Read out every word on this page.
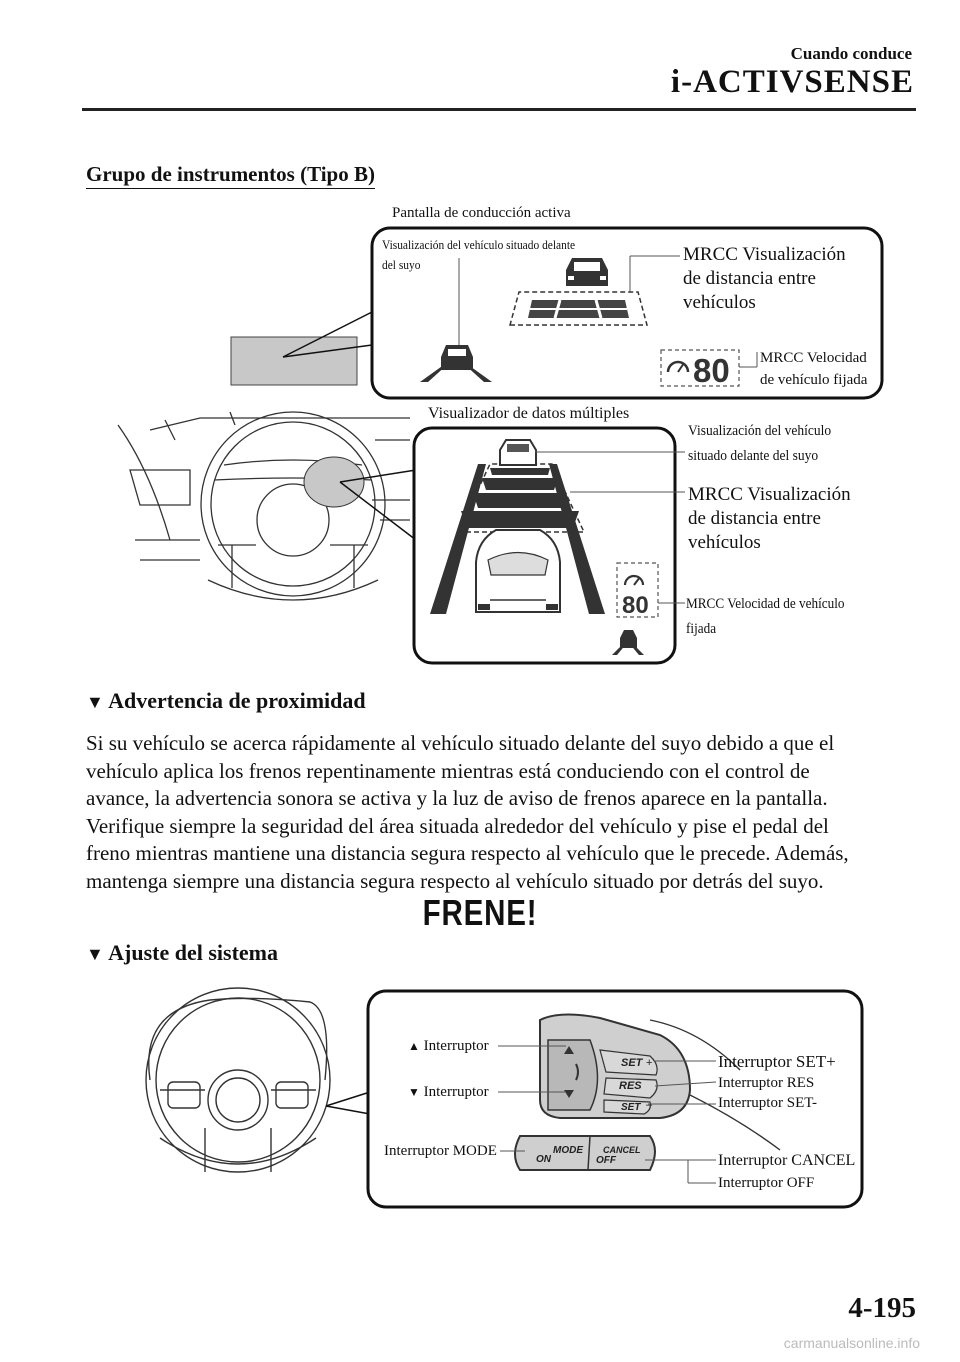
Cuando conduce
i-ACTIVSENSE
Grupo de instrumentos (Tipo B)
80
80
SET +
RES
SET –
MODE
ON
CANCEL
OFF
Pantalla de conducción activa
Visualización del vehículo situado delante
del suyo	MRCC Visualización
de distancia entre
vehículos
MRCC Velocidad
de vehículo fijada
Visualizador de datos múltiples
Visualización del vehículo
situado delante del suyo
MRCC Visualización
de distancia entre
vehículos
MRCC Velocidad de vehículo
fijada
▼ Advertencia de proximidad

Si su vehículo se acerca rápidamente al vehículo situado delante del suyo debido a que el

vehículo aplica los frenos repentinamente mientras está conduciendo con el control de

avance, la advertencia sonora se activa y la luz de aviso de frenos aparece en la pantalla.

Verifique siempre la seguridad del área situada alrededor del vehículo y pise el pedal del

freno mientras mantiene una distancia segura respecto al vehículo que le precede. Además,

mantenga siempre una distancia segura respecto al vehículo situado por detrás del suyo.

FRENE!
▼ Ajuste del sistema
▲ Interruptor
▼ Interruptor
Interruptor MODE
Interruptor SET+
Interruptor RES
Interruptor SET-
Interruptor CANCEL
Interruptor OFF
4-195
carmanualsonline.info
